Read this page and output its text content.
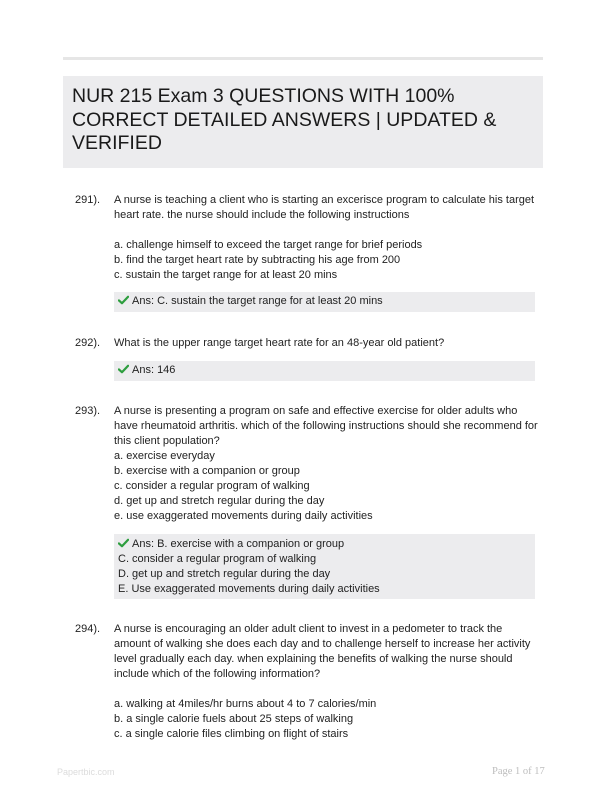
NUR 215 Exam 3 QUESTIONS WITH 100% CORRECT DETAILED ANSWERS | UPDATED & VERIFIED
291). A nurse is teaching a client who is starting an excerisce program to calculate his target heart rate. the nurse should include the following instructions

a. challenge himself to exceed the target range for brief periods
b. find the target heart rate by subtracting his age from 200
c. sustain the target range for at least 20 mins
Ans: C. sustain the target range for at least 20 mins
292). What is the upper range target heart rate for an 48-year old patient?

Ans: 146
293). A nurse is presenting a program on safe and effective exercise for older adults who have rheumatoid arthritis. which of the following instructions should she recommend for this client population?

a. exercise everyday
b. exercise with a companion or group
c. consider a regular program of walking
d. get up and stretch regular during the day
e. use exaggerated movements during daily activities
Ans: B. exercise with a companion or group
C. consider a regular program of walking
D. get up and stretch regular during the day
E. Use exaggerated movements during daily activities
294). A nurse is encouraging an older adult client to invest in a pedometer to track the amount of walking she does each day and to challenge herself to increase her activity level gradually each day. when explaining the benefits of walking the nurse should include which of the following information?

a. walking at 4miles/hr burns about 4 to 7 calories/min
b. a single calorie fuels about 25 steps of walking
c. a single calorie files climbing on flight of stairs
Papertbic.com	Page 1 of 17
